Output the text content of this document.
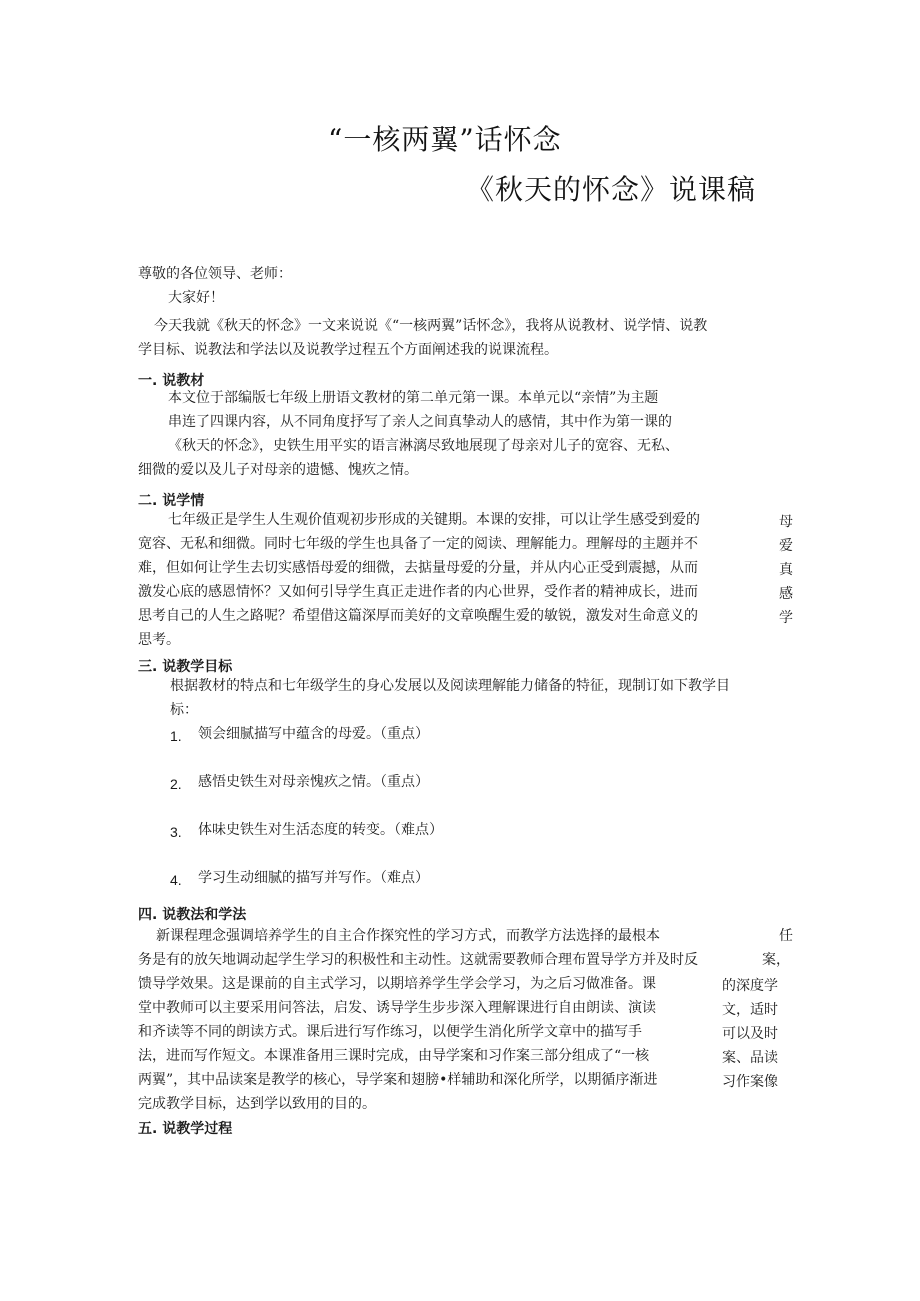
“一核两翼”话怀念
《秋天的怀念》说课稿
尊敬的各位领导、老师：
大家好！
今天我就《秋天的怀念》一文来说说《“一核两翼”话怀念》，我将从说教材、说学情、说教
学目标、说教法和学法以及说教学过程五个方面阐述我的说课流程。
一. 说教材
本文位于部编版七年级上册语文教材的第二单元第一课。本单元以“亲情”为主题
串连了四课内容，从不同角度抒写了亲人之间真挚动人的感情，其中作为第一课的
《秋天的怀念》，史铁生用平实的语言淋漓尽致地展现了母亲对儿子的宽容、无私、
细微的爱以及儿子对母亲的遗憾、愧疚之情。
二. 说学情
七年级正是学生人生观价值观初步形成的关键期。本课的安排，可以让学生感受到爱的
宽容、无私和细微。同时七年级的学生也具备了一定的阅读、理解能力。理解母的主题并不
难，但如何让学生去切实感悟母爱的细微，去掂量母爱的分量，并从内心正受到震撼，从而
激发心底的感恩情怀？又如何引导学生真正走进作者的内心世界，受作者的精神成长，进而
思考自己的人生之路呢？希望借这篇深厚而美好的文章唤醒生爱的敏锐，激发对生命意义的
思考。
母
爱
真
感
学
三. 说教学目标
根据教材的特点和七年级学生的身心发展以及阅读理解能力储备的特征，现制订如下教学目
标：
1. 领会细腻描写中蕴含的母爱。（重点）
2. 感悟史铁生对母亲愧疚之情。（重点）
3. 体味史铁生对生活态度的转变。（难点）
4. 学习生动细腻的描写并写作。（难点）
四. 说教法和学法
新课程理念强调培养学生的自主合作探究性的学习方式，而教学方法选择的最根本
务是有的放矢地调动起学生学习的积极性和主动性。这就需要教师合理布置导学方并及时反
馈导学效果。这是课前的自主式学习，以期培养学生学会学习，为之后习做准备。课
堂中教师可以主要采用问答法，启发、诱导学生步步深入理解课进行自由朗读、演读
和齐读等不同的朗读方式。课后进行写作练习，以便学生消化所学文章中的描写手
法，进而写作短文。本课准备用三课时完成，由导学案和习作案三部分组成了“一核
两翼”，其中品读案是教学的核心，导学案和翅膀•样辅助和深化所学，以期循序渐进
完成教学目标，达到学以致用的目的。
任
案，
的深度学
文，适时
可以及时
案、品读
习作案像
五. 说教学过程
